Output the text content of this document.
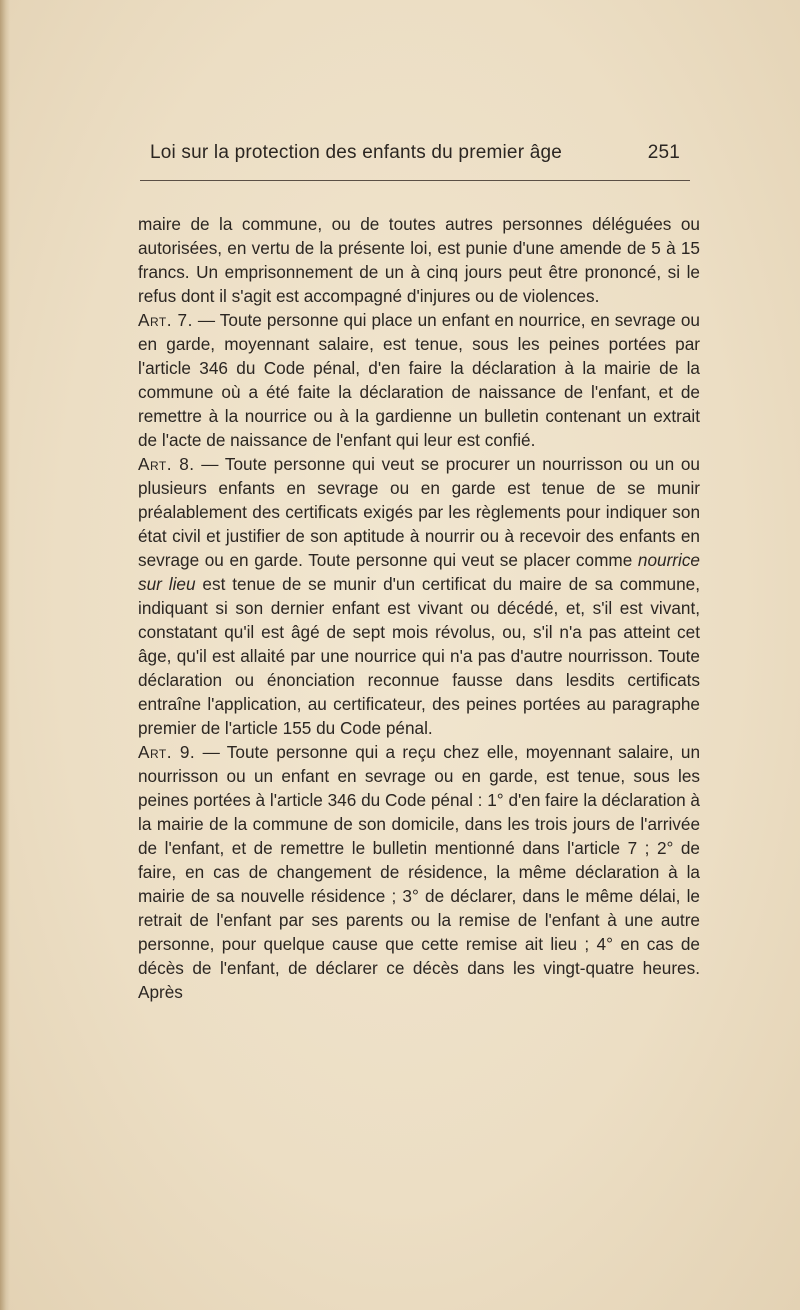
Loi sur la protection des enfants du premier âge	251

maire de la commune, ou de toutes autres personnes déléguées ou autorisées, en vertu de la présente loi, est punie d'une amende de 5 à 15 francs. Un emprisonnement de un à cinq jours peut être prononcé, si le refus dont il s'agit est accompagné d'injures ou de violences.

Art. 7. — Toute personne qui place un enfant en nourrice, en sevrage ou en garde, moyennant salaire, est tenue, sous les peines portées par l'article 346 du Code pénal, d'en faire la déclaration à la mairie de la commune où a été faite la déclaration de naissance de l'enfant, et de remettre à la nourrice ou à la gardienne un bulletin contenant un extrait de l'acte de naissance de l'enfant qui leur est confié.

Art. 8. — Toute personne qui veut se procurer un nourrisson ou un ou plusieurs enfants en sevrage ou en garde est tenue de se munir préalablement des certificats exigés par les règlements pour indiquer son état civil et justifier de son aptitude à nourrir ou à recevoir des enfants en sevrage ou en garde. Toute personne qui veut se placer comme nourrice sur lieu est tenue de se munir d'un certificat du maire de sa commune, indiquant si son dernier enfant est vivant ou décédé, et, s'il est vivant, constatant qu'il est âgé de sept mois révolus, ou, s'il n'a pas atteint cet âge, qu'il est allaité par une nourrice qui n'a pas d'autre nourrisson. Toute déclaration ou énonciation reconnue fausse dans lesdits certificats entraîne l'application, au certificateur, des peines portées au paragraphe premier de l'article 155 du Code pénal.

Art. 9. — Toute personne qui a reçu chez elle, moyennant salaire, un nourrisson ou un enfant en sevrage ou en garde, est tenue, sous les peines portées à l'article 346 du Code pénal : 1° d'en faire la déclaration à la mairie de la commune de son domicile, dans les trois jours de l'arrivée de l'enfant, et de remettre le bulletin mentionné dans l'article 7 ; 2° de faire, en cas de changement de résidence, la même déclaration à la mairie de sa nouvelle résidence ; 3° de déclarer, dans le même délai, le retrait de l'enfant par ses parents ou la remise de l'enfant à une autre personne, pour quelque cause que cette remise ait lieu ; 4° en cas de décès de l'enfant, de déclarer ce décès dans les vingt-quatre heures. Après
